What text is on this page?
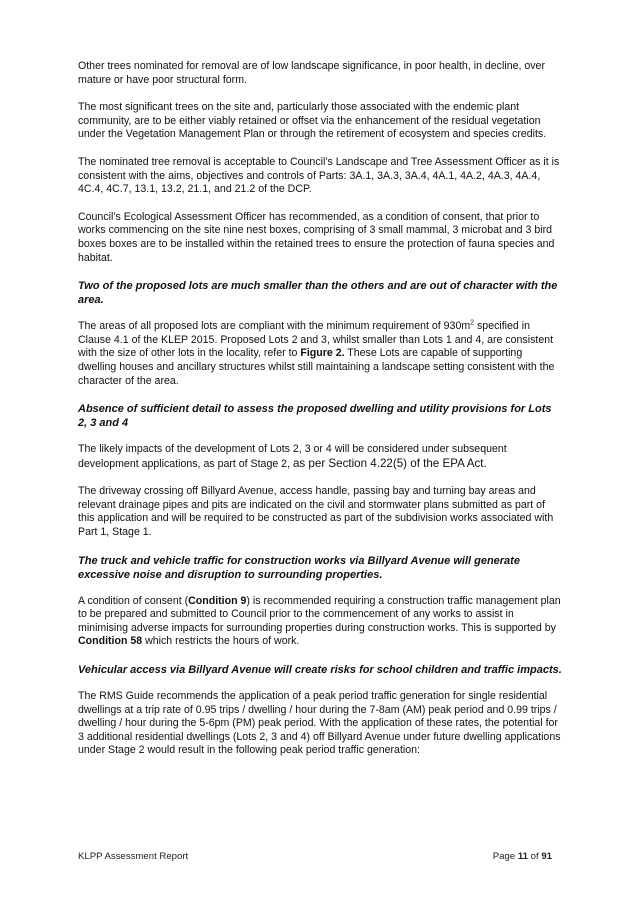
Other trees nominated for removal are of low landscape significance, in poor health, in decline, over mature or have poor structural form.

The most significant trees on the site and, particularly those associated with the endemic plant community, are to be either viably retained or offset via the enhancement of the residual vegetation under the Vegetation Management Plan or through the retirement of ecosystem and species credits.

The nominated tree removal is acceptable to Council’s Landscape and Tree Assessment Officer as it is consistent with the aims, objectives and controls of Parts: 3A.1, 3A.3, 3A.4, 4A.1, 4A.2, 4A.3, 4A.4, 4C.4, 4C.7, 13.1, 13.2, 21.1, and 21.2 of the DCP.

Council’s Ecological Assessment Officer has recommended, as a condition of consent, that prior to works commencing on the site nine nest boxes, comprising of 3 small mammal, 3 microbat and 3 bird boxes boxes are to be installed within the retained trees to ensure the protection of fauna species and habitat.

Two of the proposed lots are much smaller than the others and are out of character with the area.

The areas of all proposed lots are compliant with the minimum requirement of $930m^2$ specified in Clause 4.1 of the KLEP 2015. Proposed Lots 2 and 3, whilst smaller than Lots 1 and 4, are consistent with the size of other lots in the locality, refer to Figure 2. These Lots are capable of supporting dwelling houses and ancillary structures whilst still maintaining a landscape setting consistent with the character of the area.

Absence of sufficient detail to assess the proposed dwelling and utility provisions for Lots 2, 3 and 4

The likely impacts of the development of Lots 2, 3 or 4 will be considered under subsequent development applications, as part of Stage 2, as per Section 4.22(5) of the EPA Act.

The driveway crossing off Billyard Avenue, access handle, passing bay and turning bay areas and relevant drainage pipes and pits are indicated on the civil and stormwater plans submitted as part of this application and will be required to be constructed as part of the subdivision works associated with Part 1, Stage 1.

The truck and vehicle traffic for construction works via Billyard Avenue will generate excessive noise and disruption to surrounding properties.

A condition of consent (Condition 9) is recommended requiring a construction traffic management plan to be prepared and submitted to Council prior to the commencement of any works to assist in minimising adverse impacts for surrounding properties during construction works. This is supported by Condition 58 which restricts the hours of work.

Vehicular access via Billyard Avenue will create risks for school children and traffic impacts.

The RMS Guide recommends the application of a peak period traffic generation for single residential dwellings at a trip rate of 0.95 trips / dwelling / hour during the 7-8am (AM) peak period and 0.99 trips / dwelling / hour during the 5-6pm (PM) peak period. With the application of these rates, the potential for 3 additional residential dwellings (Lots 2, 3 and 4) off Billyard Avenue under future dwelling applications under Stage 2 would result in the following peak period traffic generation:

KLPP Assessment Report	Page 11 of 91
